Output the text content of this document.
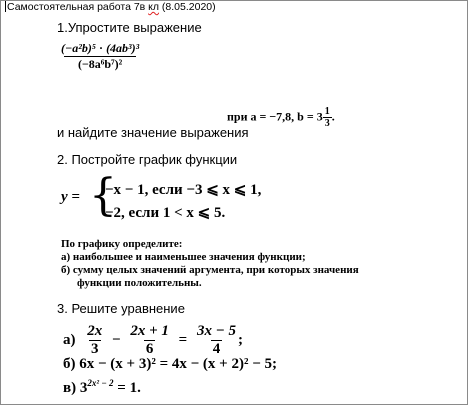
Самостоятельная работа 7в кл (8.05.2020)
1.Упростите выражение
$\frac{\text{(−a²b)⁵ · (4ab³)³}}{\text{(−8a⁶b⁷)²}}$
при a = −7,8, $b = 3 \frac{1}{3}$ .
и найдите значение выражения
2. Постройте график функции
y = {
−x − 1, если −3 ⩽ x ⩽ 1,
−2, если 1 < x ⩽ 5.
По графику определите:
а) наибольшее и наименьшее значения функции;
б) сумму целых значений аргумента, при которых значения
функции положительны.
3. Решите уравнение
$а) \frac{2x}{3} - \frac{2x + 1}{6} = \frac{3x - 5}{4}$ ;
б) 6x − (x + 3)² = 4x − (x + 2)² − 5;
в) $3^{2x^2 - 2} = 1$.
